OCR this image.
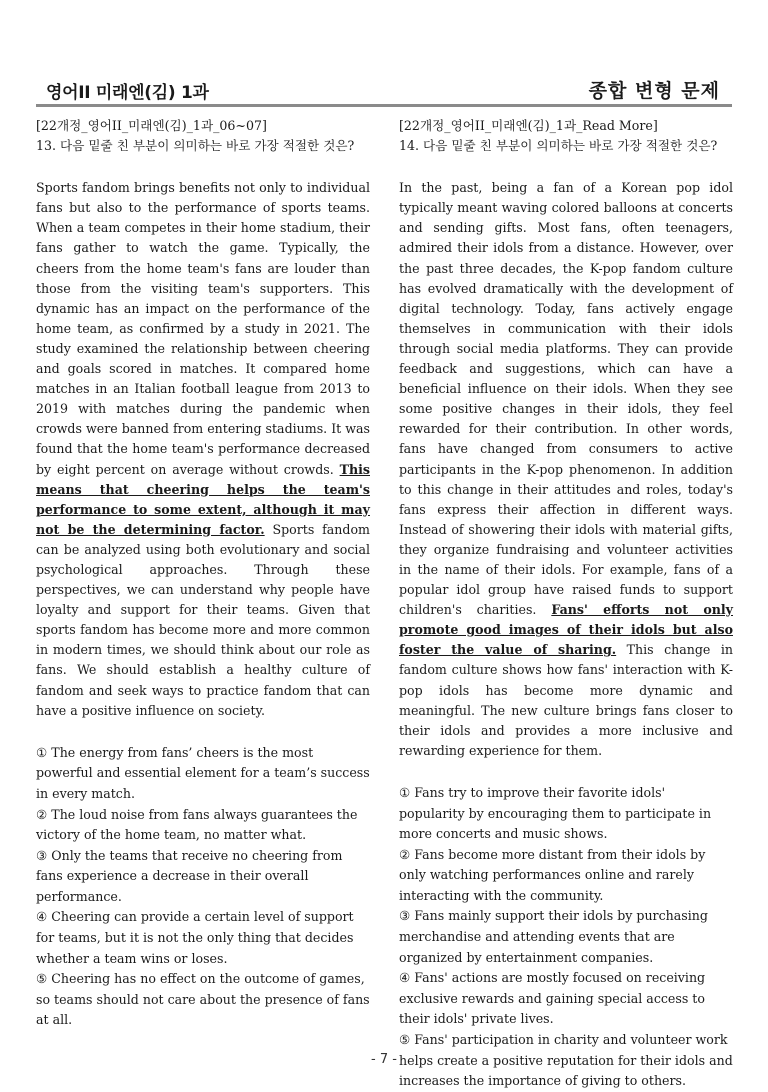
영어II 미래엔(김) 1과	종합 변형 문제

[22개정_영어II_미래엔(김)_1과_06~07]

13. 다음 밑줄 친 부분이 의미하는 바로 가장 적절한 것은?

Sports fandom brings benefits not only to individual fans but also to the performance of sports teams. When a team competes in their home stadium, their fans gather to watch the game. Typically, the cheers from the home team's fans are louder than those from the visiting team's supporters. This dynamic has an impact on the performance of the home team, as confirmed by a study in 2021. The study examined the relationship between cheering and goals scored in matches. It compared home matches in an Italian football league from 2013 to 2019 with matches during the pandemic when crowds were banned from entering stadiums. It was found that the home team's performance decreased by eight percent on average without crowds. This means that cheering helps the team's performance to some extent, although it may not be the determining factor. Sports fandom can be analyzed using both evolutionary and social psychological approaches. Through these perspectives, we can understand why people have loyalty and support for their teams. Given that sports fandom has become more and more common in modern times, we should think about our role as fans. We should establish a healthy culture of fandom and seek ways to practice fandom that can have a positive influence on society.

① The energy from fans’ cheers is the most powerful and essential element for a team’s success in every match.

② The loud noise from fans always guarantees the victory of the home team, no matter what.

③ Only the teams that receive no cheering from fans experience a decrease in their overall performance.

④ Cheering can provide a certain level of support for teams, but it is not the only thing that decides whether a team wins or loses.

⑤ Cheering has no effect on the outcome of games, so teams should not care about the presence of fans at all.

[22개정_영어II_미래엔(김)_1과_Read More]

14. 다음 밑줄 친 부분이 의미하는 바로 가장 적절한 것은?

In the past, being a fan of a Korean pop idol typically meant waving colored balloons at concerts and sending gifts. Most fans, often teenagers, admired their idols from a distance. However, over the past three decades, the K-pop fandom culture has evolved dramatically with the development of digital technology. Today, fans actively engage themselves in communication with their idols through social media platforms. They can provide feedback and suggestions, which can have a beneficial influence on their idols. When they see some positive changes in their idols, they feel rewarded for their contribution. In other words, fans have changed from consumers to active participants in the K-pop phenomenon. In addition to this change in their attitudes and roles, today's fans express their affection in different ways. Instead of showering their idols with material gifts, they organize fundraising and volunteer activities in the name of their idols. For example, fans of a popular idol group have raised funds to support children's charities. Fans' efforts not only promote good images of their idols but also foster the value of sharing. This change in fandom culture shows how fans' interaction with K-pop idols has become more dynamic and meaningful. The new culture brings fans closer to their idols and provides a more inclusive and rewarding experience for them.

① Fans try to improve their favorite idols' popularity by encouraging them to participate in more concerts and music shows.

② Fans become more distant from their idols by only watching performances online and rarely interacting with the community.

③ Fans mainly support their idols by purchasing merchandise and attending events that are organized by entertainment companies.

④ Fans' actions are mostly focused on receiving exclusive rewards and gaining special access to their idols' private lives.

⑤ Fans' participation in charity and volunteer work helps create a positive reputation for their idols and increases the importance of giving to others.

- 7 -
